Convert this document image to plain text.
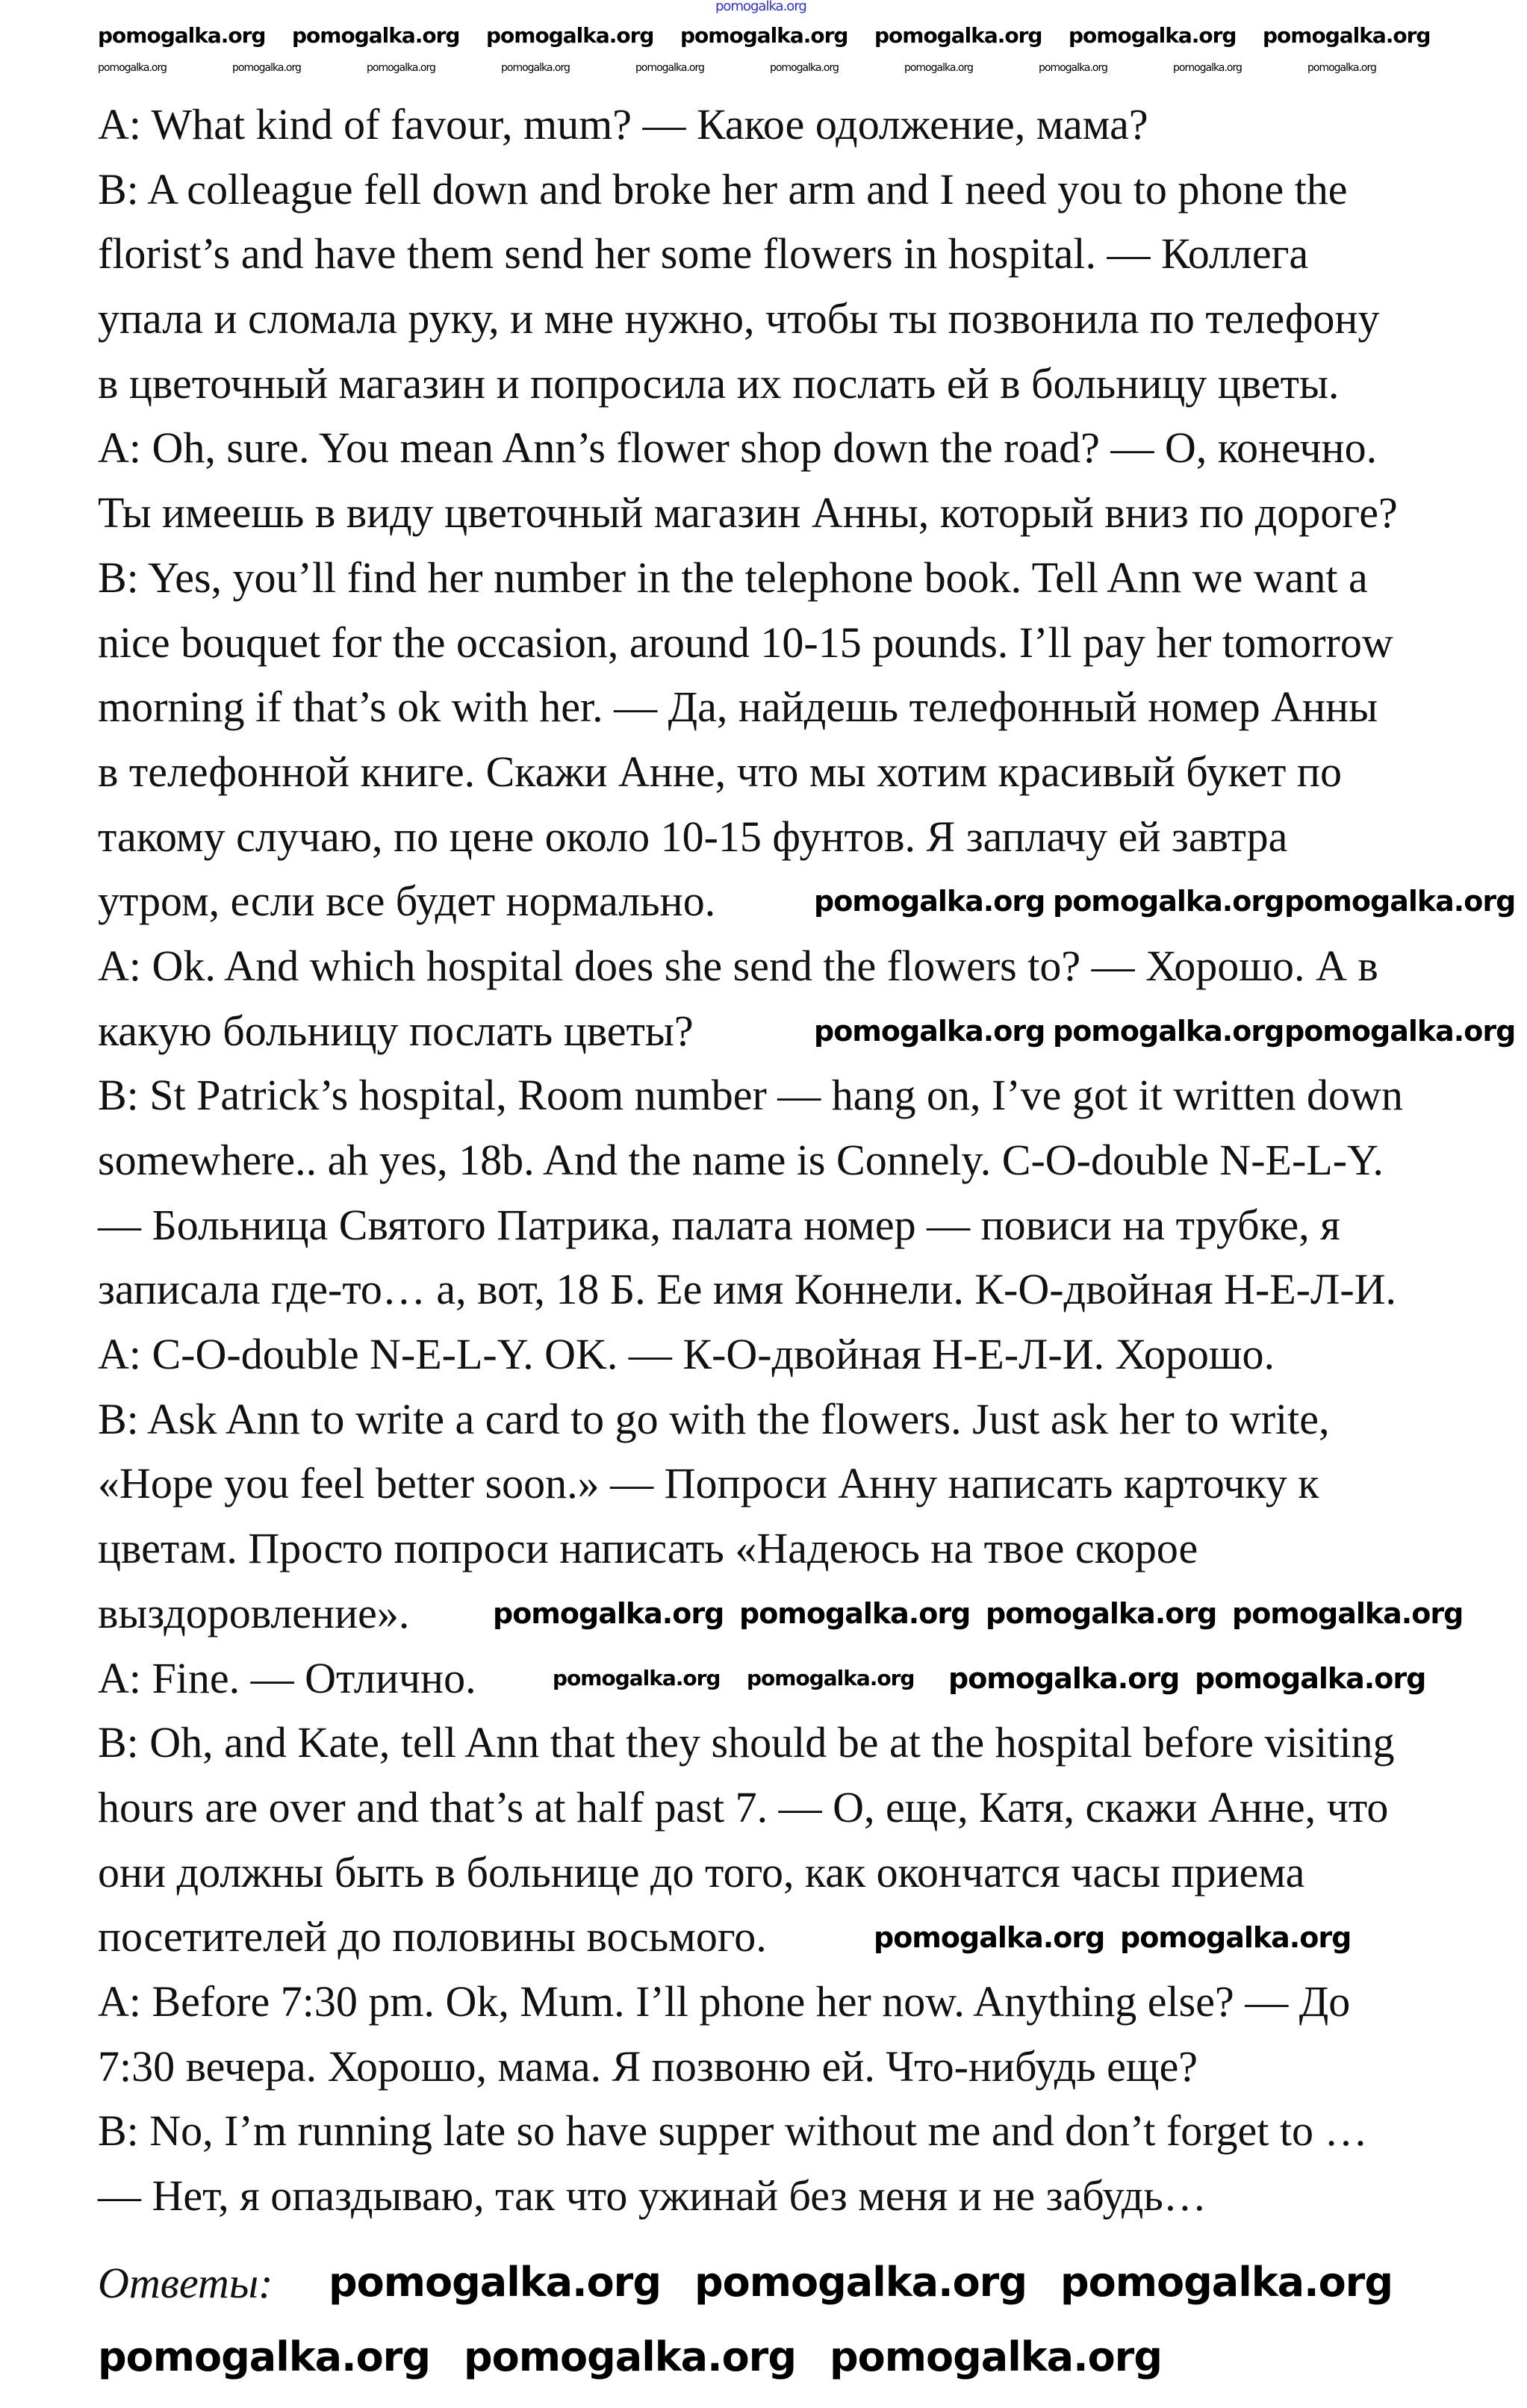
A: What kind of favour, mum? — Какое одолжение, мама?
B: A colleague fell down and broke her arm and I need you to phone the
florist’s and have them send her some flowers in hospital. — Коллега
упала и сломала руку, и мне нужно, чтобы ты позвонила по телефону
в цветочный магазин и попросила их послать ей в больницу цветы.
A: Oh, sure. You mean Ann’s flower shop down the road? — О, конечно.
Ты имеешь в виду цветочный магазин Анны, который вниз по дороге?
B: Yes, you’ll find her number in the telephone book. Tell Ann we want a
nice bouquet for the occasion, around 10-15 pounds. I’ll pay her tomorrow
morning if that’s ok with her. — Да, найдешь телефонный номер Анны
в телефонной книге. Скажи Анне, что мы хотим красивый букет по
такому случаю, по цене около 10-15 фунтов. Я заплачу ей завтра
утром, если все будет нормально.
A: Ok. And which hospital does she send the flowers to? — Хорошо. А в
какую больницу послать цветы?
B: St Patrick’s hospital, Room number — hang on, I’ve got it written down
somewhere.. ah yes, 18b. And the name is Connely. C-O-double N-E-L-Y.
— Больница Святого Патрика, палата номер — повиси на трубке, я
записала где-то… а, вот, 18 Б. Ее имя Коннели. К-О-двойная Н-Е-Л-И.
A: C-O-double N-E-L-Y. OK. — К-О-двойная Н-Е-Л-И. Хорошо.
B: Ask Ann to write a card to go with the flowers. Just ask her to write,
«Hope you feel better soon.» — Попроси Анну написать карточку к
цветам. Просто попроси написать «Надеюсь на твое скорое
выздоровление».
A: Fine. — Отлично.
B: Oh, and Kate, tell Ann that they should be at the hospital before visiting
hours are over and that’s at half past 7. — О, еще, Катя, скажи Анне, что
они должны быть в больнице до того, как окончатся часы приема
посетителей до половины восьмого.
A: Before 7:30 pm. Ok, Mum. I’ll phone her now. Anything else? — До
7:30 вечера. Хорошо, мама. Я позвоню ей. Что-нибудь еще?
B: No, I’m running late so have supper without me and don’t forget to …
— Нет, я опаздываю, так что ужинай без меня и не забудь…
Ответы:
pomogalka.org
pomogalka.org	pomogalka.org	pomogalka.org	pomogalka.org	pomogalka.org	pomogalka.org	pomogalka.org	pomogalka.org	pomogalka.org	pomogalka.org
pomogalka.org pomogalka.org pomogalka.org pomogalka.org pomogalka.org pomogalka.org pomogalka.org
pomogalka.org pomogalka.org pomogalka.org
pomogalka.org pomogalka.org pomogalka.org
pomogalka.org pomogalka.org pomogalka.org pomogalka.org
pomogalka.org pomogalka.org pomogalka.org pomogalka.org
pomogalka.org pomogalka.org
pomogalka.org pomogalka.org pomogalka.org
pomogalka.org pomogalka.org pomogalka.org
